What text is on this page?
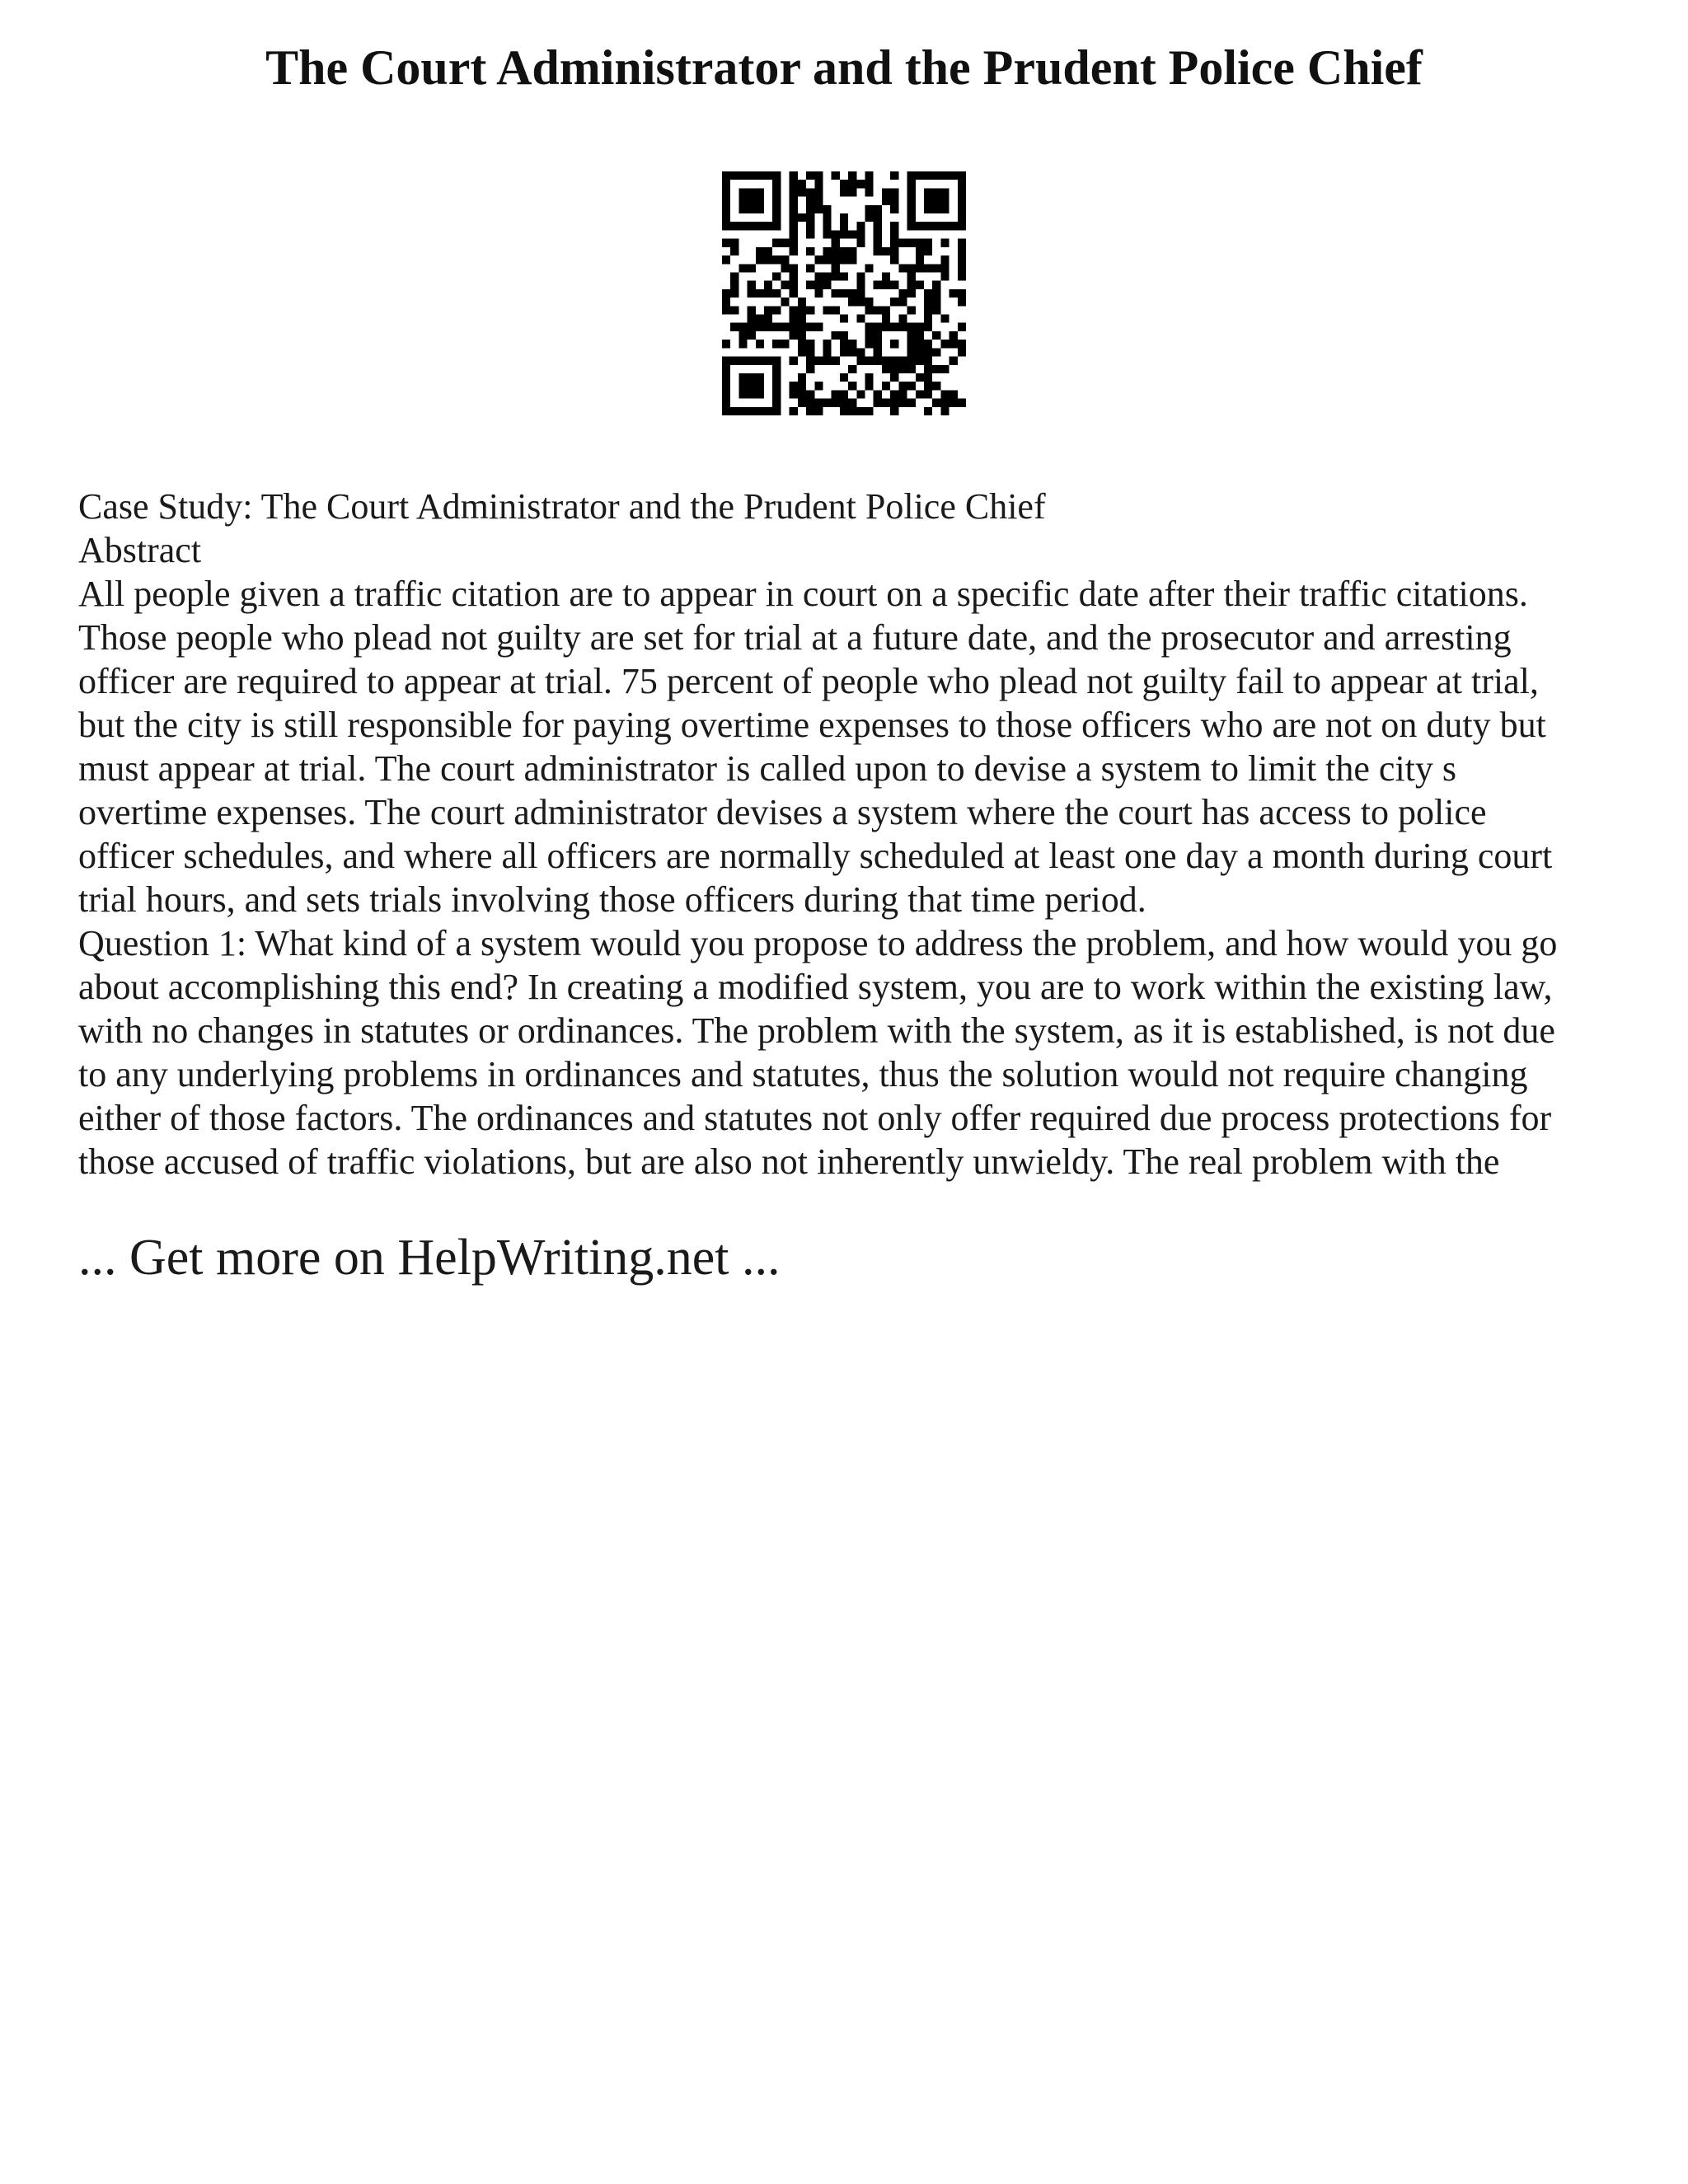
The Court Administrator and the Prudent Police Chief
Case Study: The Court Administrator and the Prudent Police Chief
Abstract
All people given a traffic citation are to appear in court on a specific date after their traffic citations.
Those people who plead not guilty are set for trial at a future date, and the prosecutor and arresting
officer are required to appear at trial. 75 percent of people who plead not guilty fail to appear at trial,
but the city is still responsible for paying overtime expenses to those officers who are not on duty but
must appear at trial. The court administrator is called upon to devise a system to limit the city s
overtime expenses. The court administrator devises a system where the court has access to police
officer schedules, and where all officers are normally scheduled at least one day a month during court
trial hours, and sets trials involving those officers during that time period.
Question 1: What kind of a system would you propose to address the problem, and how would you go
about accomplishing this end? In creating a modified system, you are to work within the existing law,
with no changes in statutes or ordinances. The problem with the system, as it is established, is not due
to any underlying problems in ordinances and statutes, thus the solution would not require changing
either of those factors. The ordinances and statutes not only offer required due process protections for
those accused of traffic violations, but are also not inherently unwieldy. The real problem with the
... Get more on HelpWriting.net ...
